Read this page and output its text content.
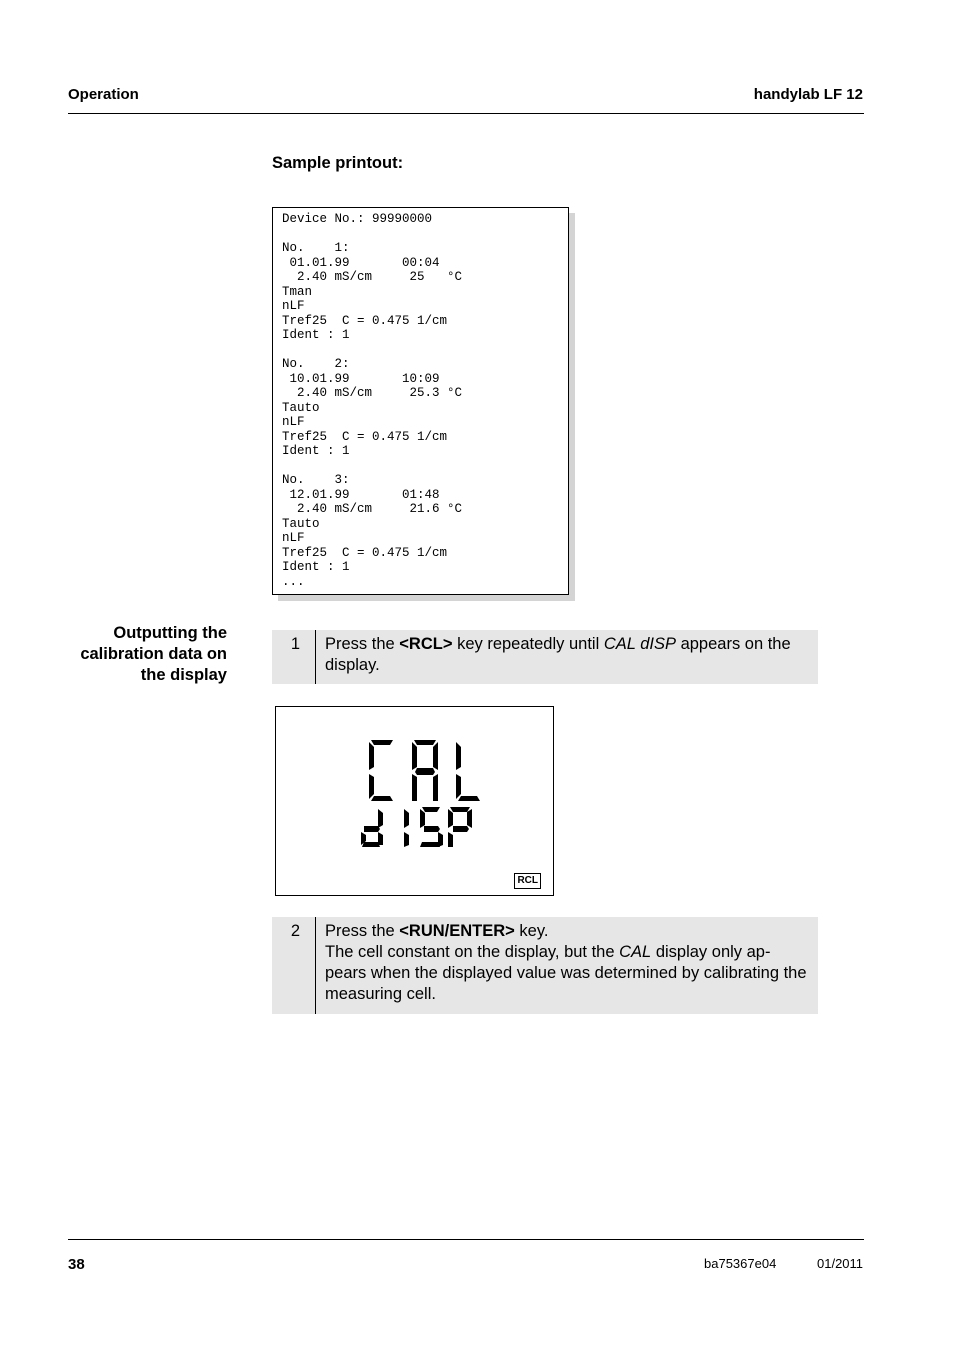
Operation	handylab LF 12
Sample printout:
Device No.: 99990000

No.    1:
01.01.99       00:04
2.40 mS/cm     25   °C
Tman
nLF
Tref25  C = 0.475 1/cm
Ident : 1

No.    2:
10.01.99       10:09
2.40 mS/cm     25.3 °C
Tauto
nLF
Tref25  C = 0.475 1/cm
Ident : 1

No.    3:
12.01.99       01:48
2.40 mS/cm     21.6 °C
Tauto
nLF
Tref25  C = 0.475 1/cm
Ident : 1
...
Outputting the calibration data on the display
1	Press the <RCL> key repeatedly until CAL dISP appears on the display.
RCL
2	Press the <RUN/ENTER> key.
The cell constant on the display, but the CAL display only ap-pears when the displayed value was determined by calibrating the measuring cell.
38	ba75367e04	01/2011
